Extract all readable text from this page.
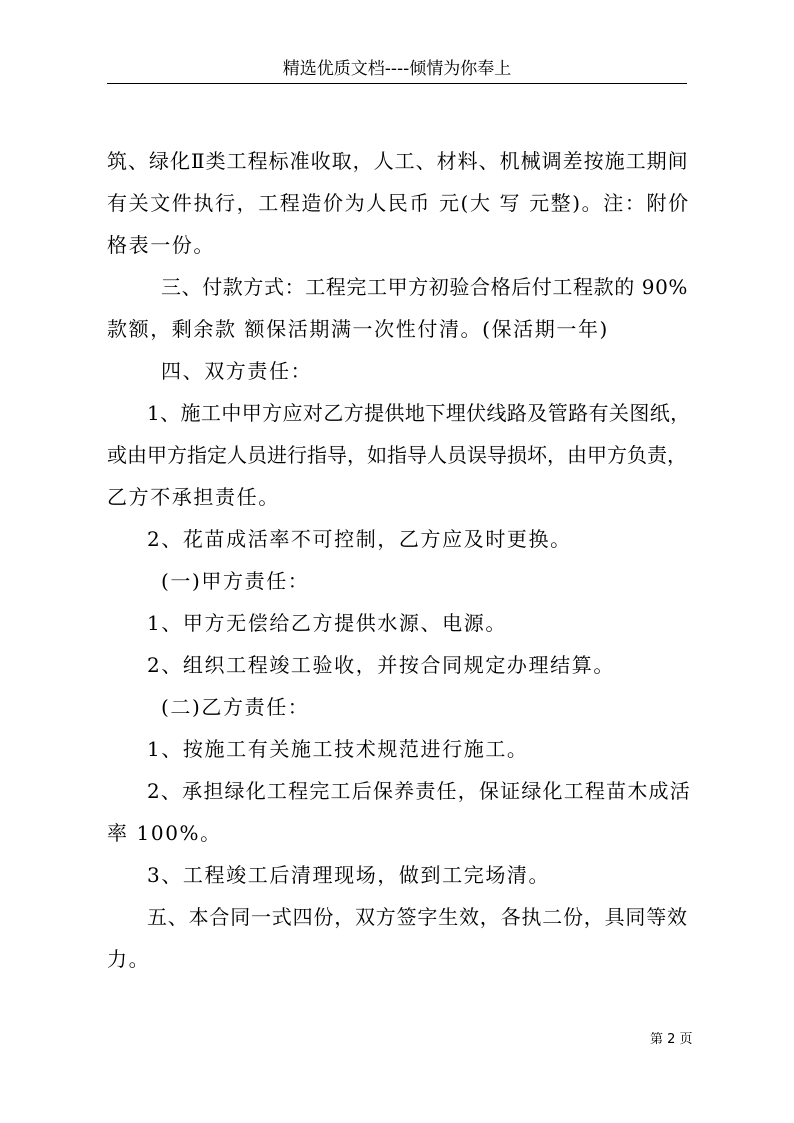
精选优质文档----倾情为你奉上
筑、绿化Ⅱ类工程标准收取，人工、材料、机械调差按施工期间
有关文件执行，工程造价为人民币 元(大 写 元整)。注：附价
格表一份。
三、付款方式：工程完工甲方初验合格后付工程款的 90%
款额，剩余款 额保活期满一次性付清。(保活期一年)
四、双方责任：
1、施工中甲方应对乙方提供地下埋伏线路及管路有关图纸，
或由甲方指定人员进行指导，如指导人员误导损坏，由甲方负责，
乙方不承担责任。
2、花苗成活率不可控制，乙方应及时更换。
(一)甲方责任：
1、甲方无偿给乙方提供水源、电源。
2、组织工程竣工验收，并按合同规定办理结算。
(二)乙方责任：
1、按施工有关施工技术规范进行施工。
2、承担绿化工程完工后保养责任，保证绿化工程苗木成活
率 100%。
3、工程竣工后清理现场，做到工完场清。
五、本合同一式四份，双方签字生效，各执二份，具同等效
力。
第 2 页
